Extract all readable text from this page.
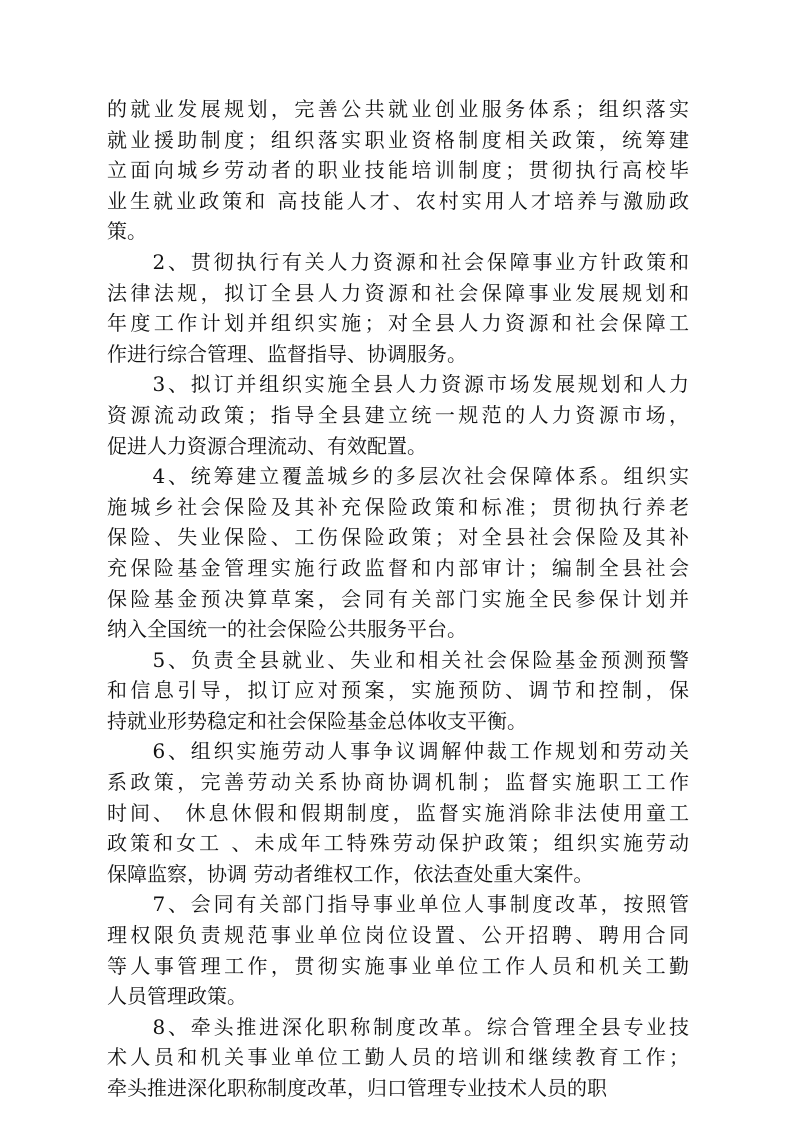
的就业发展规划，完善公共就业创业服务体系；组织落实
就业援助制度；组织落实职业资格制度相关政策，统筹建
立面向城乡劳动者的职业技能培训制度；贯彻执行高校毕
业生就业政策和 高技能人才、农村实用人才培养与激励政
策。
　　2、贯彻执行有关人力资源和社会保障事业方针政策和
法律法规，拟订全县人力资源和社会保障事业发展规划和
年度工作计划并组织实施；对全县人力资源和社会保障工
作进行综合管理、监督指导、协调服务。
　　3、拟订并组织实施全县人力资源市场发展规划和人力
资源流动政策；指导全县建立统一规范的人力资源市场，
促进人力资源合理流动、有效配置。
　　4、统筹建立覆盖城乡的多层次社会保障体系。组织实
施城乡社会保险及其补充保险政策和标准；贯彻执行养老
保险、失业保险、工伤保险政策；对全县社会保险及其补
充保险基金管理实施行政监督和内部审计；编制全县社会
保险基金预决算草案，会同有关部门实施全民参保计划并
纳入全国统一的社会保险公共服务平台。
　　5、负责全县就业、失业和相关社会保险基金预测预警
和信息引导，拟订应对预案，实施预防、调节和控制，保
持就业形势稳定和社会保险基金总体收支平衡。
　　6、组织实施劳动人事争议调解仲裁工作规划和劳动关
系政策，完善劳动关系协商协调机制；监督实施职工工作
时间、 休息休假和假期制度，监督实施消除非法使用童工
政策和女工 、未成年工特殊劳动保护政策；组织实施劳动
保障监察，协调 劳动者维权工作，依法查处重大案件。
　　7、会同有关部门指导事业单位人事制度改革，按照管
理权限负责规范事业单位岗位设置、公开招聘、聘用合同
等人事管理工作，贯彻实施事业单位工作人员和机关工勤
人员管理政策。
　　8、牵头推进深化职称制度改革。综合管理全县专业技
术人员和机关事业单位工勤人员的培训和继续教育工作；
牵头推进深化职称制度改革，归口管理专业技术人员的职
